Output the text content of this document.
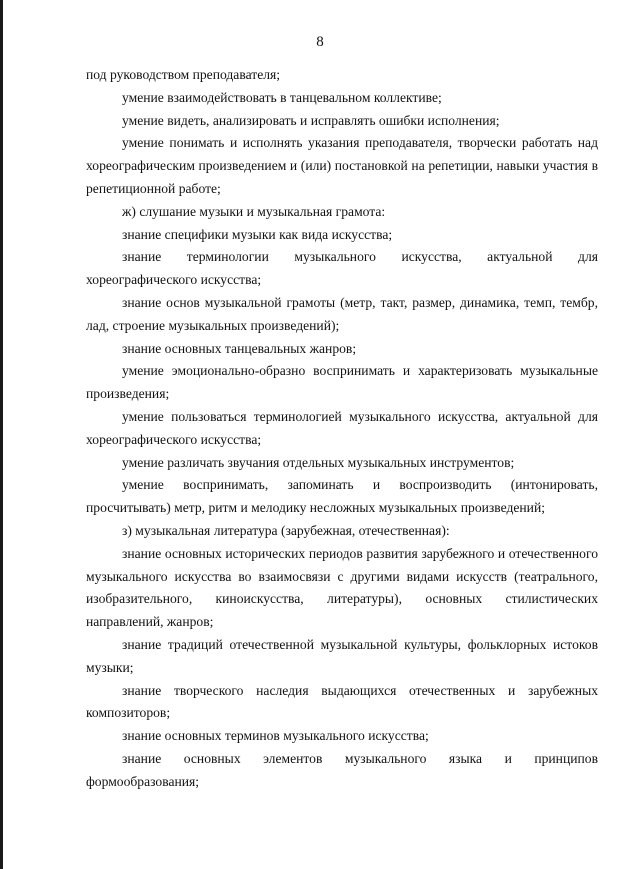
8

под руководством преподавателя;

умение взаимодействовать в танцевальном коллективе;

умение видеть, анализировать и исправлять ошибки исполнения;

умение понимать и исполнять указания преподавателя, творчески работать над хореографическим произведением и (или) постановкой на репетиции, навыки участия в репетиционной работе;

ж) слушание музыки и музыкальная грамота:

знание специфики музыки как вида искусства;

знание терминологии музыкального искусства, актуальной для хореографического искусства;

знание основ музыкальной грамоты (метр, такт, размер, динамика, темп, тембр, лад, строение музыкальных произведений);

знание основных танцевальных жанров;

умение эмоционально-образно воспринимать и характеризовать музыкальные произведения;

умение пользоваться терминологией музыкального искусства, актуальной для хореографического искусства;

умение различать звучания отдельных музыкальных инструментов;

умение воспринимать, запоминать и воспроизводить (интонировать, просчитывать) метр, ритм и мелодику несложных музыкальных произведений;

з) музыкальная литература (зарубежная, отечественная):

знание основных исторических периодов развития зарубежного и отечественного музыкального искусства во взаимосвязи с другими видами искусств (театрального, изобразительного, киноискусства, литературы), основных стилистических направлений, жанров;

знание традиций отечественной музыкальной культуры, фольклорных истоков музыки;

знание творческого наследия выдающихся отечественных и зарубежных композиторов;

знание основных терминов музыкального искусства;

знание основных элементов музыкального языка и принципов формообразования;
